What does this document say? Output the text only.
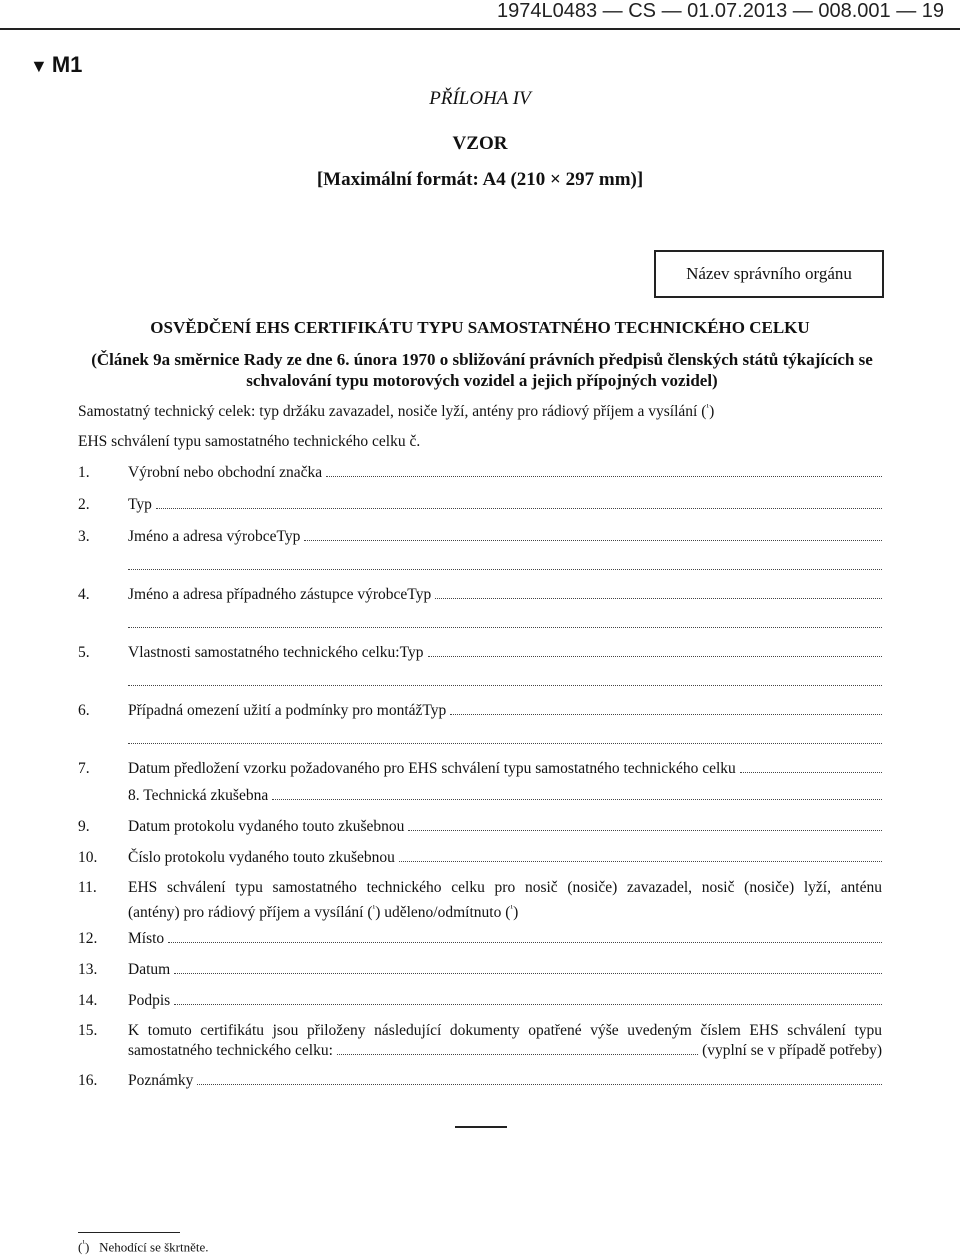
1974L0483 — CS — 01.07.2013 — 008.001 — 19
▼ M1
PŘÍLOHA IV
VZOR
[Maximální formát: A4 (210 × 297 mm)]
Název správního orgánu
OSVĚDČENÍ EHS CERTIFIKÁTU TYPU SAMOSTATNÉHO TECHNICKÉHO CELKU
(Článek 9a směrnice Rady ze dne 6. února 1970 o sbližování právních předpisů členských států týkajících se schvalování typu motorových vozidel a jejich přípojných vozidel)
Samostatný technický celek: typ držáku zavazadel, nosiče lyží, antény pro rádiový příjem a vysílání ($^{^1}$)
EHS schválení typu samostatného technického celku č.
1.	Výrobní nebo obchodní značka
2.	Typ
3.	Jméno a adresa výrobceTyp
4.	Jméno a adresa případného zástupce výrobceTyp
5.	Vlastnosti samostatného technického celku:Typ
6.	Případná omezení užití a podmínky pro montážTyp
7.	Datum předložení vzorku požadovaného pro EHS schválení typu samostatného technického celku
8. Technická zkušebna
9.	Datum protokolu vydaného touto zkušebnou
10.	Číslo protokolu vydaného touto zkušebnou
11.	EHS schválení typu samostatného technického celku pro nosič (nosiče) zavazadel, nosič (nosiče) lyží, anténu
(antény) pro rádiový příjem a vysílání ($^{^1}$) uděleno/odmítnuto ($^{^1}$)
12.	Místo
13.	Datum
14.	Podpis
15.	K tomuto certifikátu jsou přiloženy následující dokumenty opatřené výše uvedeným číslem EHS schválení typu
samostatného technického celku:	(vyplní se v případě potřeby)
16.	Poznámky
($^{^1}$)   Nehodící se škrtněte.
